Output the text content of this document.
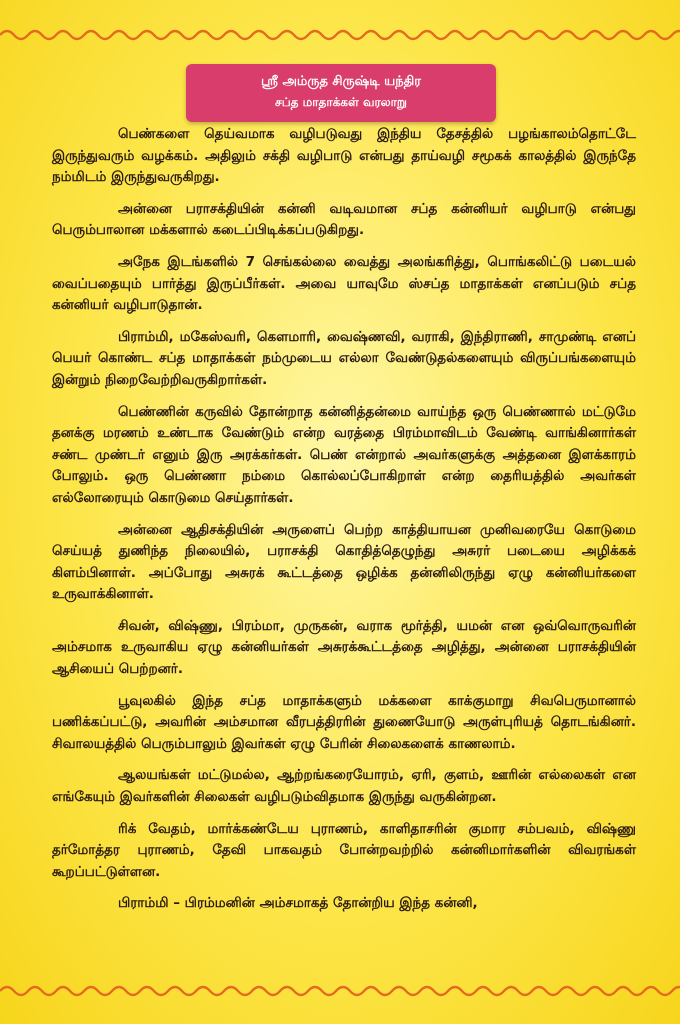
ஸ்ரீ அம்ருத சிருஷ்டி யந்திர
சப்த மாதாக்கள் வரலாறு

பெண்களை தெய்வமாக வழிபடுவது இந்திய தேசத்தில் பழங்காலம்தொட்டே இருந்துவரும் வழக்கம். அதிலும் சக்தி வழிபாடு என்பது தாய்வழி சமூகக் காலத்தில் இருந்தே நம்மிடம் இருந்துவருகிறது.

அன்னை பராசக்தியின் கன்னி வடிவமான சப்த கன்னியர் வழிபாடு என்பது பெரும்பாலான மக்களால் கடைப்பிடிக்கப்படுகிறது.

அநேக இடங்களில் 7 செங்கல்லை வைத்து அலங்கரித்து, பொங்கலிட்டு படையல் வைப்பதையும் பார்த்து இருப்பீர்கள். அவை யாவுமே ஸ்சப்த மாதாக்கள் எனப்படும் சப்த கன்னியர் வழிபாடுதான்.

பிராம்மி, மகேஸ்வரி, கௌமாரி, வைஷ்ணவி, வராகி, இந்திராணி, சாமுண்டி எனப் பெயர் கொண்ட சப்த மாதாக்கள் நம்முடைய எல்லா வேண்டுதல்களையும் விருப்பங்களையும் இன்றும் நிறைவேற்றிவருகிறார்கள்.

பெண்ணின் கருவில் தோன்றாத கன்னித்தன்மை வாய்ந்த ஒரு பெண்ணால் மட்டுமே தனக்கு மரணம் உண்டாக வேண்டும் என்ற வரத்தை பிரம்மாவிடம் வேண்டி வாங்கினார்கள் சண்ட முண்டர் எனும் இரு அரக்கர்கள். பெண் என்றால் அவர்களுக்கு அத்தனை இளக்காரம் போலும். ஒரு பெண்ணா நம்மை கொல்லப்போகிறாள் என்ற தைரியத்தில் அவர்கள் எல்லோரையும் கொடுமை செய்தார்கள்.

அன்னை ஆதிசக்தியின் அருளைப் பெற்ற காத்தியாயன முனிவரையே கொடுமை செய்யத் துணிந்த நிலையில், பராசக்தி கொதித்தெழுந்து அசுரர் படையை அழிக்கக் கிளம்பினாள். அப்போது அசுரக் கூட்டத்தை ஒழிக்க தன்னிலிருந்து ஏழு கன்னியர்களை உருவாக்கினாள்.

சிவன், விஷ்ணு, பிரம்மா, முருகன், வராக மூர்த்தி, யமன் என ஒவ்வொருவரின் அம்சமாக உருவாகிய ஏழு கன்னியர்கள் அசுரக்கூட்டத்தை அழித்து, அன்னை பராசக்தியின் ஆசியைப் பெற்றனர்.

பூவுலகில் இந்த சப்த மாதாக்களும் மக்களை காக்குமாறு சிவபெருமானால் பணிக்கப்பட்டு, அவரின் அம்சமான வீரபத்திரரின் துணையோடு அருள்புரியத் தொடங்கினர். சிவாலயத்தில் பெரும்பாலும் இவர்கள் ஏழு பேரின் சிலைகளைக் காணலாம்.

ஆலயங்கள் மட்டுமல்ல, ஆற்றங்கரையோரம், ஏரி, குளம், ஊரின் எல்லைகள் என எங்கேயும் இவர்களின் சிலைகள் வழிபடும்விதமாக இருந்து வருகின்றன.

ரிக் வேதம், மார்க்கண்டேய புராணம், காளிதாசரின் குமார சம்பவம், விஷ்ணு தர்மோத்தர புராணம், தேவி பாகவதம் போன்றவற்றில் கன்னிமார்களின் விவரங்கள் கூறப்பட்டுள்ளன.

பிராம்மி – பிரம்மனின் அம்சமாகத் தோன்றிய இந்த கன்னி,
